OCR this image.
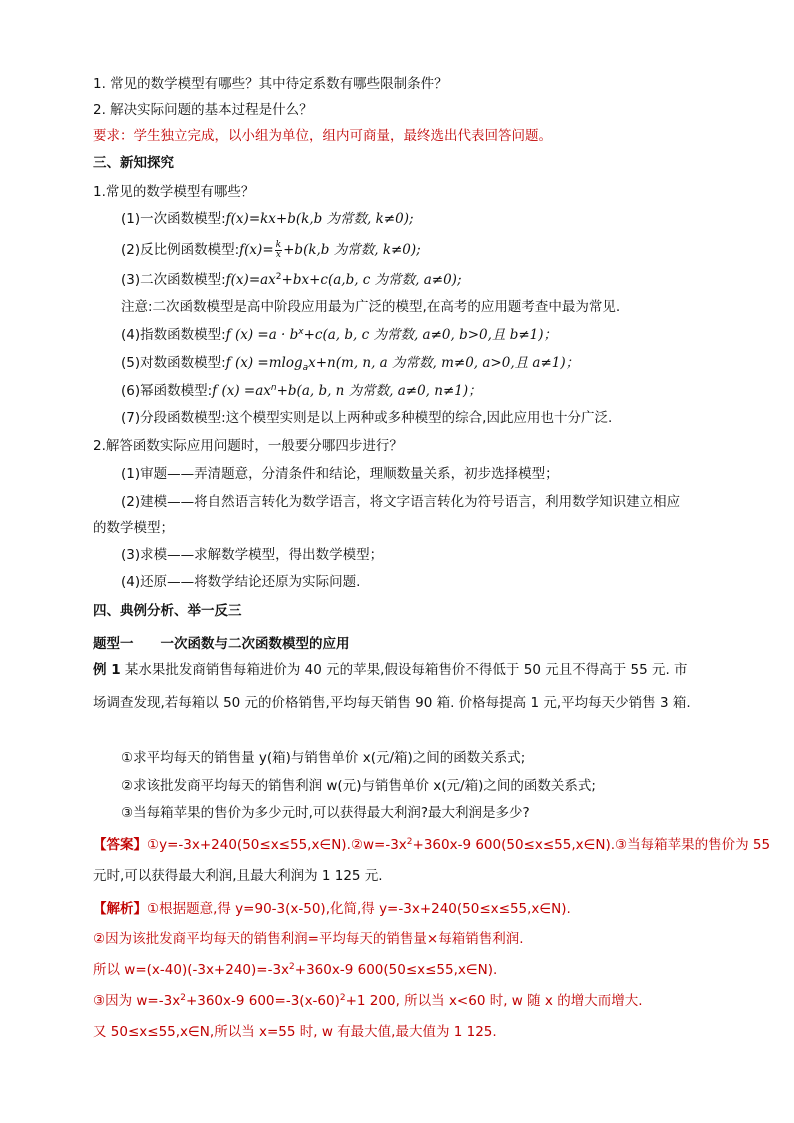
1. 常见的数学模型有哪些？其中待定系数有哪些限制条件？
2. 解决实际问题的基本过程是什么？
要求：学生独立完成，以小组为单位，组内可商量，最终选出代表回答问题。
三、新知探究
1.常见的数学模型有哪些？
(1)一次函数模型:f(x)=kx+b(k,b 为常数, k≠0);
(2)反比例函数模型:f(x)= $\frac{k}{x} +b(k,b$ 为常数, k≠0);
(3)二次函数模型$:f(x)=ax^2+bx+c(a,b$, c 为常数, a≠0);
注意:二次函数模型是高中阶段应用最为广泛的模型,在高考的应用题考查中最为常见.
(4)指数函数模型:f $(x) =a \cdot b^x+c(a$, b, c 为常数, a≠0, b>0,且 b≠1)；
(5)对数函数模型:f (x) =mlog$_a$x+n(m, n, a 为常数, m≠0, a>0,且 a≠1)；
(6)幂函数模型:f $(x) =ax^n+b(a$, b, n 为常数, a≠0, n≠1)；
(7)分段函数模型:这个模型实则是以上两种或多种模型的综合,因此应用也十分广泛.
2.解答函数实际应用问题时，一般要分哪四步进行？
(1)审题——弄清题意，分清条件和结论，理顺数量关系，初步选择模型；
(2)建模——将自然语言转化为数学语言，将文字语言转化为符号语言，利用数学知识建立相应
的数学模型；
(3)求模——求解数学模型，得出数学模型；
(4)还原——将数学结论还原为实际问题.
四、典例分析、举一反三
题型一　　一次函数与二次函数模型的应用
例 1 某水果批发商销售每箱进价为 40 元的苹果,假设每箱售价不得低于 50 元且不得高于 55 元. 市
场调查发现,若每箱以 50 元的价格销售,平均每天销售 90 箱. 价格每提高 1 元,平均每天少销售 3 箱.
①求平均每天的销售量 y(箱)与销售单价 x(元/箱)之间的函数关系式;
②求该批发商平均每天的销售利润 w(元)与销售单价 x(元/箱)之间的函数关系式;
③当每箱苹果的售价为多少元时,可以获得最大利润?最大利润是多少?
【答案】$①y=-3x+240(50\le x\le 55,x\in N).②w=-3x^2+360x-9$ 600(50≤x≤55,x∈N).③当每箱苹果的售价为 55
元时,可以获得最大利润,且最大利润为 1 125 元.
【解析】①根据题意,得 y=90-3(x-50),化简,得 y=-3x+240(50≤x≤55,x∈N).
②因为该批发商平均每天的销售利润=平均每天的销售量×每箱销售利润.
所以 $w=(x-40)(-3x+240)=-3x^2+360x-9$ 600(50≤x≤55,x∈N).
③因为 $w=-3x^2+360x-9$ $600=-3(x-60)^2+1$ 200, 所以当 x<60 时, w 随 x 的增大而增大.
又 50≤x≤55,x∈N,所以当 x=55 时, w 有最大值,最大值为 1 125.
